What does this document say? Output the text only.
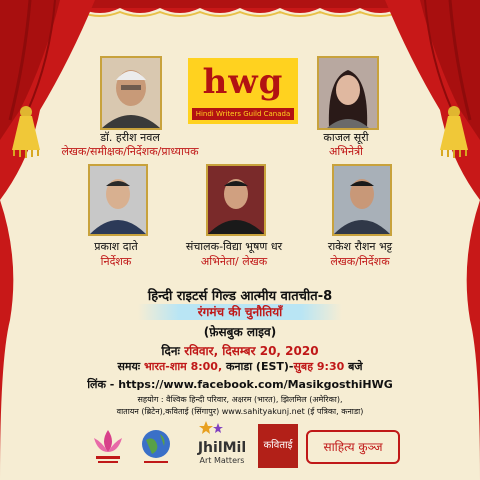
डॉ. हरीश नवल
लेखक/समीक्षक/निर्देशक/प्राध्यापक
hwg
Hindi Writers Guild Canada
काजल सूरी
अभिनेत्री
प्रकाश दाते
निर्देशक
संचालक-विद्या भूषण धर
अभिनेता/ लेखक
राकेश रौशन भट्ट
लेखक/निर्देशक
हिन्दी राइटर्स गिल्ड आत्मीय वातचीत-8
रंगमंच की चुनौतियाँ
(फ़ेसबुक लाइव)
दिनः रविवार, दिसम्बर 20, 2020
समयः भारत-शाम 8:00, कनाडा (EST)-सुबह 9:30 बजे
लिंक - https://www.facebook.com/MasikgosthiHWG
सहयोग : वैश्विक हिन्दी परिवार, अक्षरम (भारत), झिलमिल (अमेरिका),
वातायन (ब्रिटेन),कविताई (सिंगापुर) www.sahityakunj.net (ई पत्रिका, कनाडा)
JhilMil
Art Matters
कविताई	साहित्य कुञ्ज
